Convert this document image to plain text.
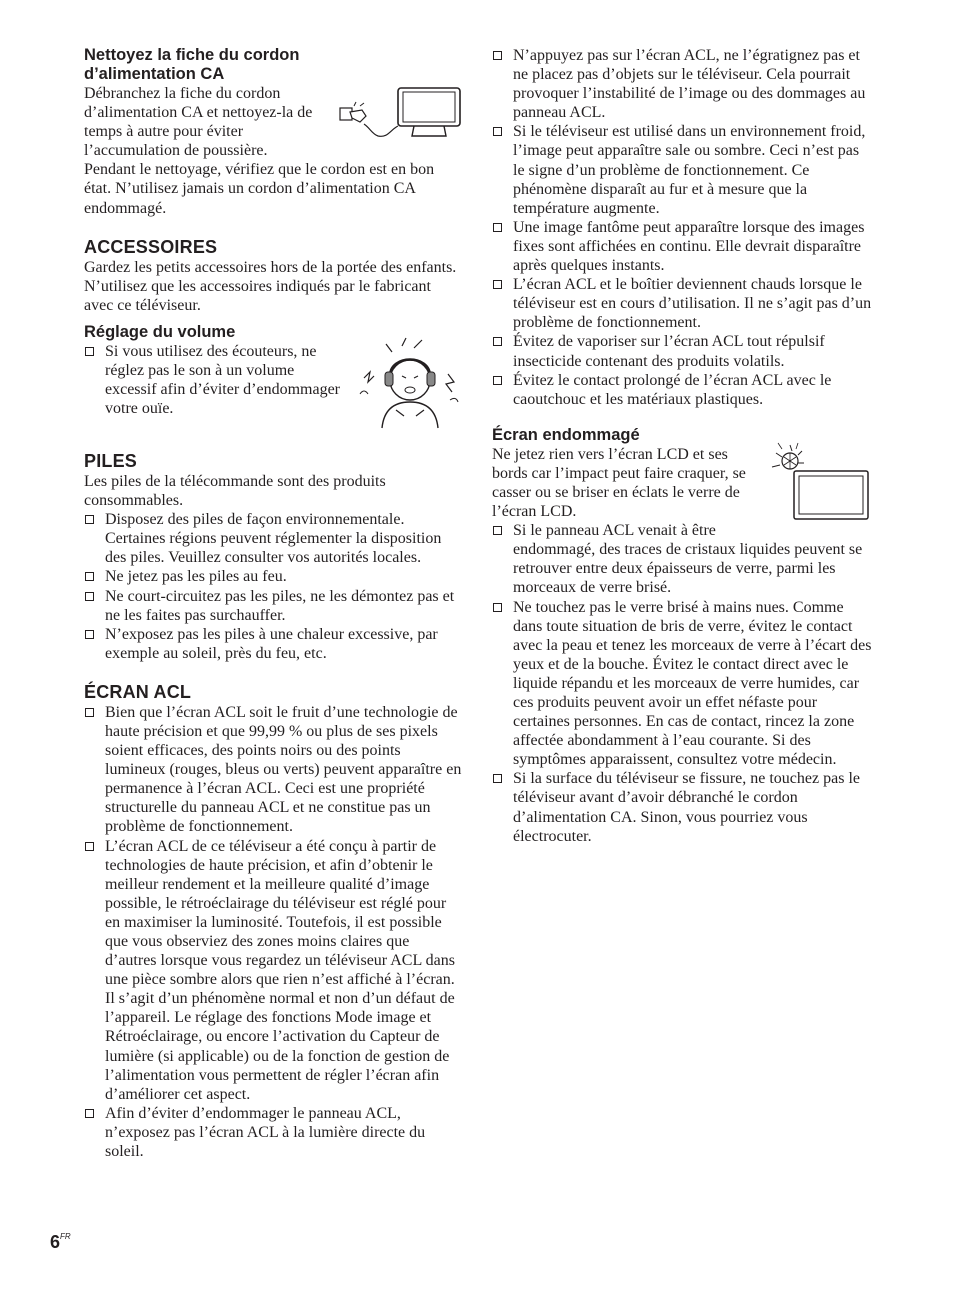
Nettoyez la fiche du cordon
d’alimentation CA

Débranchez la fiche du cordon d’alimentation CA et nettoyez-la de temps à autre pour éviter l’accumulation de poussière.

Pendant le nettoyage, vérifiez que le cordon est en bon état. N’utilisez jamais un cordon d’alimentation CA endommagé.

ACCESSOIRES

Gardez les petits accessoires hors de la portée des enfants. N’utilisez que les accessoires indiqués par le fabricant avec ce téléviseur.

Réglage du volume
Si vous utilisez des écouteurs, ne réglez pas le son à un volume excessif afin d’éviter d’endommager votre ouïe.
PILES

Les piles de la télécommande sont des produits consommables.

Disposez des piles de façon environnementale. Certaines régions peuvent réglementer la disposition des piles. Veuillez consulter vos autorités locales.
Ne jetez pas les piles au feu.
Ne court-circuitez pas les piles, ne les démontez pas et ne les faites pas surchauffer.
N’exposez pas les piles à une chaleur excessive, par exemple au soleil, près du feu, etc.
ÉCRAN ACL
Bien que l’écran ACL soit le fruit d’une technologie de haute précision et que 99,99 % ou plus de ses pixels soient efficaces, des points noirs ou des points lumineux (rouges, bleus ou verts) peuvent apparaître en permanence à l’écran ACL. Ceci est une propriété structurelle du panneau ACL et ne constitue pas un problème de fonctionnement.
L’écran ACL de ce téléviseur a été conçu à partir de technologies de haute précision, et afin d’obtenir le meilleur rendement et la meilleure qualité d’image possible, le rétroéclairage du téléviseur est réglé pour en maximiser la luminosité. Toutefois, il est possible que vous observiez des zones moins claires que d’autres lorsque vous regardez un téléviseur ACL dans une pièce sombre alors que rien n’est affiché à l’écran. Il s’agit d’un phénomène normal et non d’un défaut de l’appareil. Le réglage des fonctions Mode image et Rétroéclairage, ou encore l’activation du Capteur de lumière (si applicable) ou de la fonction de gestion de l’alimentation vous permettent de régler l’écran afin d’améliorer cet aspect.
Afin d’éviter d’endommager le panneau ACL, n’exposez pas l’écran ACL à la lumière directe du soleil.
N’appuyez pas sur l’écran ACL, ne l’égratignez pas et ne placez pas d’objets sur le téléviseur. Cela pourrait provoquer l’instabilité de l’image ou des dommages au panneau ACL.
Si le téléviseur est utilisé dans un environnement froid, l’image peut apparaître sale ou sombre. Ceci n’est pas le signe d’un problème de fonctionnement. Ce phénomène disparaît au fur et à mesure que la température augmente.
Une image fantôme peut apparaître lorsque des images fixes sont affichées en continu. Elle devrait disparaître après quelques instants.
L’écran ACL et le boîtier deviennent chauds lorsque le téléviseur est en cours d’utilisation. Il ne s’agit pas d’un problème de fonctionnement.
Évitez de vaporiser sur l’écran ACL tout répulsif insecticide contenant des produits volatils.
Évitez le contact prolongé de l’écran ACL avec le caoutchouc et les matériaux plastiques.
Écran endommagé

Ne jetez rien vers l’écran LCD et ses bords car l’impact peut faire craquer, se casser ou se briser en éclats le verre de l’écran LCD.

Si le panneau ACL venait à être endommagé, des traces de cristaux liquides peuvent se retrouver entre deux épaisseurs de verre, parmi les morceaux de verre brisé.
Ne touchez pas le verre brisé à mains nues. Comme dans toute situation de bris de verre, évitez le contact avec la peau et tenez les morceaux de verre à l’écart des yeux et de la bouche. Évitez le contact direct avec le liquide répandu et les morceaux de verre humides, car ces produits peuvent avoir un effet néfaste pour certaines personnes. En cas de contact, rincez la zone affectée abondamment à l’eau courante. Si des symptômes apparaissent, consultez votre médecin.
Si la surface du téléviseur se fissure, ne touchez pas le téléviseur avant d’avoir débranché le cordon d’alimentation CA. Sinon, vous pourriez vous électrocuter.
$6^{FR}$
